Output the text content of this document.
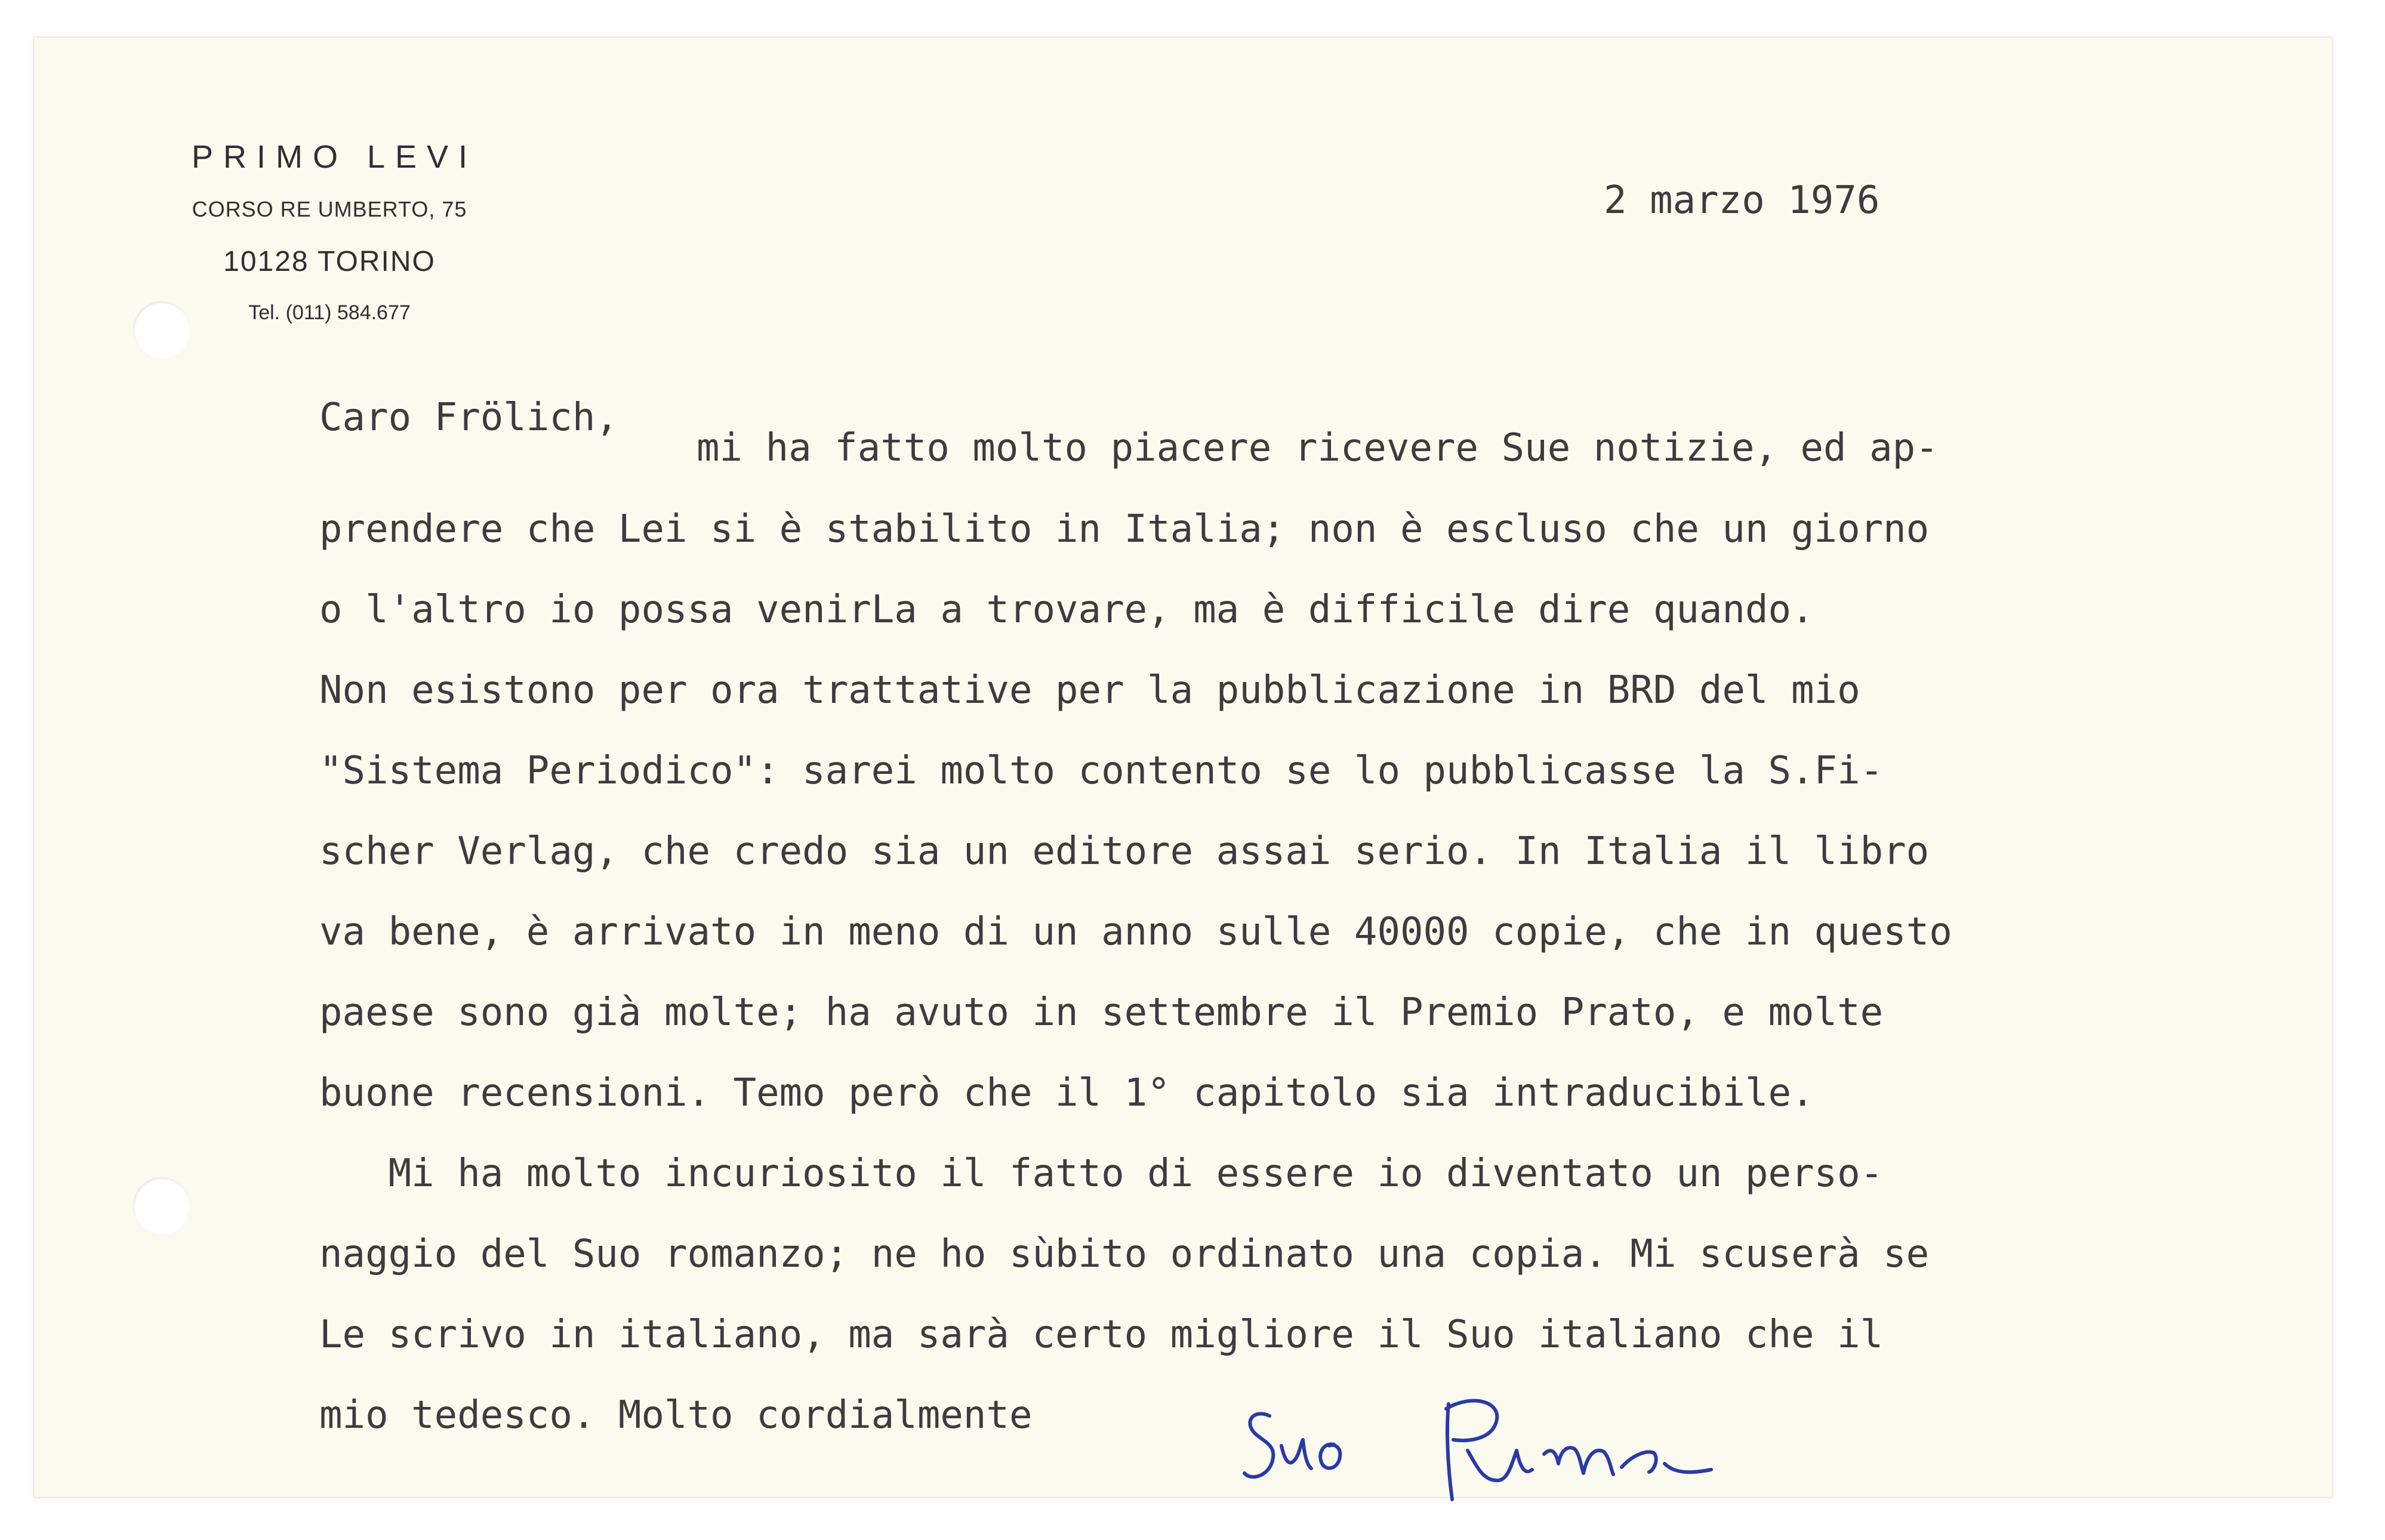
PRIMO LEVI
CORSO RE UMBERTO, 75
10128 TORINO
Tel. (011) 584.677
2 marzo 1976
Caro Frölich,
mi ha fatto molto piacere ricevere Sue notizie, ed ap-
prendere che Lei si è stabilito in Italia; non è escluso che un giorno
o l'altro io possa venirLa a trovare, ma è difficile dire quando.
Non esistono per ora trattative per la pubblicazione in BRD del mio
"Sistema Periodico": sarei molto contento se lo pubblicasse la S.Fi-
scher Verlag, che credo sia un editore assai serio. In Italia il libro
va bene, è arrivato in meno di un anno sulle 40000 copie, che in questo
paese sono già molte; ha avuto in settembre il Premio Prato, e molte
buone recensioni. Temo però che il 1° capitolo sia intraducibile.
Mi ha molto incuriosito il fatto di essere io diventato un perso-
naggio del Suo romanzo; ne ho sùbito ordinato una copia. Mi scuserà se
Le scrivo in italiano, ma sarà certo migliore il Suo italiano che il
mio tedesco. Molto cordialmente
Suo Primo Levi
